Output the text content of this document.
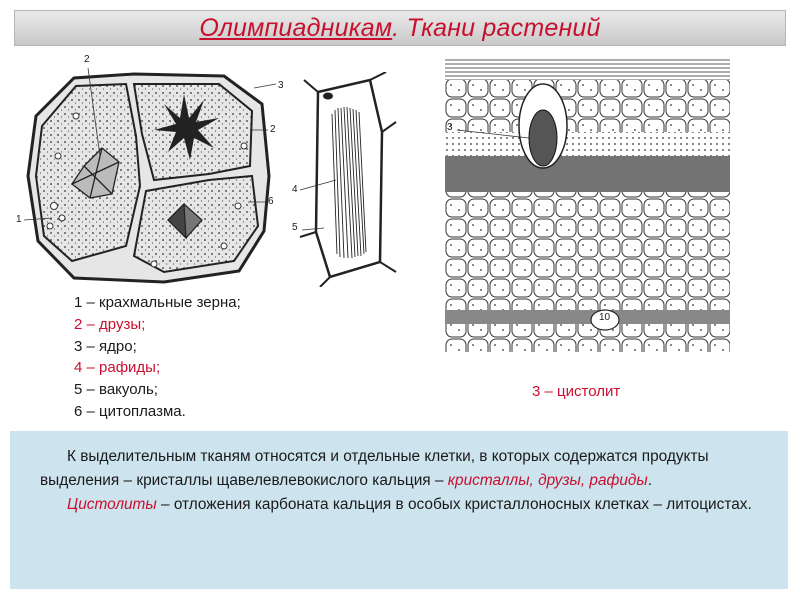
Олимпиадникам. Ткани растений
2
3
2
6
1
4
5
3
10
1 – крахмальные зерна;
2 – друзы;
3 – ядро;
4 – рафиды;
5 – вакуоль;
6 – цитоплазма.
3 – цистолит

К выделительным тканям относятся и отдельные клетки, в которых содержатся продукты выделения – кристаллы щавелевлевокислого кальция – кристаллы, друзы, рафиды.

Цистолиты – отложения карбоната кальция в особых кристаллоносных клетках – литоцистах.
